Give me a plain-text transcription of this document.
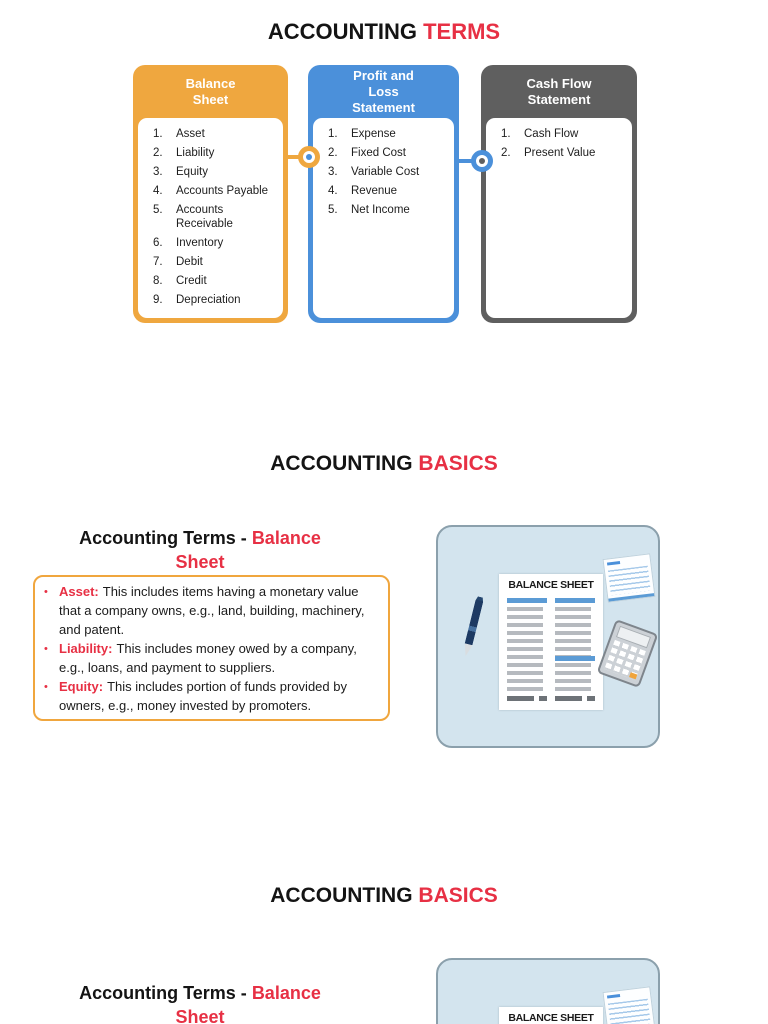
ACCOUNTING TERMS
Balance
Sheet
1.	Asset
2.	Liability
3.	Equity
4.	Accounts Payable
5.	Accounts Receivable
6.	Inventory
7.	Debit
8.	Credit
9.	Depreciation
Profit and
Loss
Statement
1.	Expense
2.	Fixed Cost
3.	Variable Cost
4.	Revenue
5.	Net Income
Cash Flow
Statement
1.	Cash Flow
2.	Present Value
ACCOUNTING BASICS
Accounting Terms - Balance Sheet
• Asset: This includes items having a monetary value that a company owns, e.g., land, building, machinery, and patent.
• Liability: This includes money owed by a company, e.g., loans, and payment to suppliers.
• Equity: This includes portion of funds provided by owners, e.g., money invested by promoters.
BALANCE SHEET
ACCOUNTING BASICS
Accounting Terms - Balance Sheet	BALANCE SHEET
